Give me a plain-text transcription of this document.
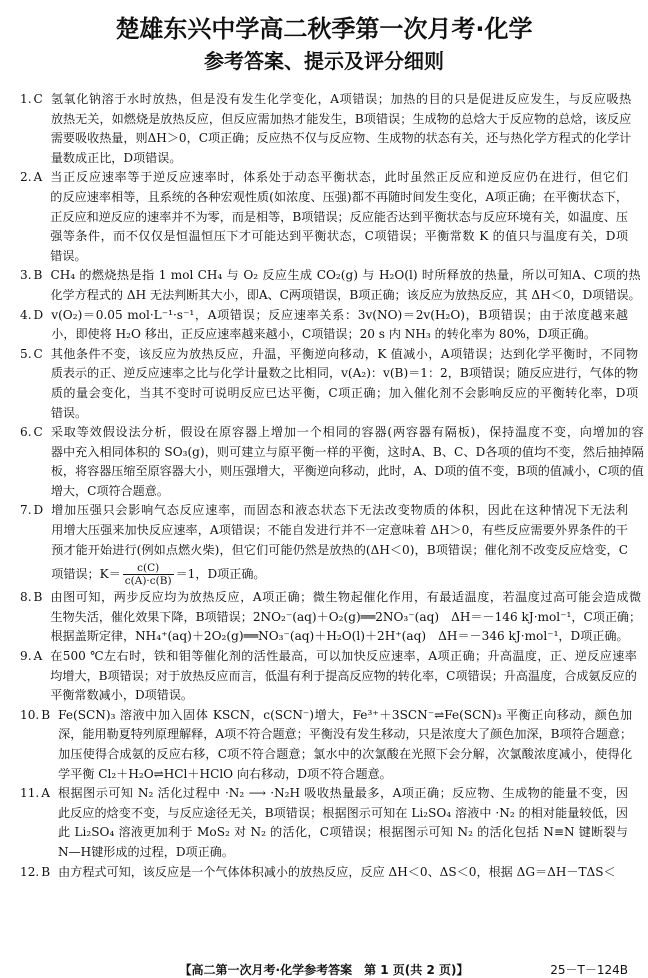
楚雄东兴中学高二秋季第一次月考·化学
参考答案、提示及评分细则
1. C 氢氧化钠溶于水时放热，但是没有发生化学变化，A项错误；加热的目的只是促进反应发生，与反应吸热
放热无关，如燃烧是放热反应，但反应需加热才能发生，B项错误；生成物的总焓大于反应物的总焓，该反应
需要吸收热量，则ΔH＞0，C项正确；反应热不仅与反应物、生成物的状态有关，还与热化学方程式的化学计
量数成正比，D项错误。
2. A 当正反应速率等于逆反应速率时，体系处于动态平衡状态，此时虽然正反应和逆反应仍在进行，但它们
的反应速率相等，且系统的各种宏观性质(如浓度、压强)都不再随时间发生变化，A项正确；在平衡状态下，
正反应和逆反应的速率并不为零，而是相等，B项错误；反应能否达到平衡状态与反应环境有关，如温度、压
强等条件，而不仅仅是恒温恒压下才可能达到平衡状态，C项错误；平衡常数 K 的值只与温度有关，D项
错误。
3. B CH₄ 的燃烧热是指 1 mol CH₄ 与 O₂ 反应生成 CO₂(g) 与 H₂O(l) 时所释放的热量，所以可知A、C项的热
化学方程式的 ΔH 无法判断其大小，即A、C两项错误，B项正确；该反应为放热反应，其 ΔH＜0，D项错误。
4. D v(O₂)＝0.05 mol·L⁻¹·s⁻¹，A项错误；反应速率关系：3v(NO)＝2v(H₂O)，B项错误；由于浓度越来越
小，即使将 H₂O 移出，正反应速率越来越小，C项错误；20 s 内 NH₃ 的转化率为 80%，D项正确。
5. C 其他条件不变，该反应为放热反应，升温，平衡逆向移动，K 值减小，A项错误；达到化学平衡时，不同物
质表示的正、逆反应速率之比与化学计量数之比相同，v(A₂)：v(B)＝1：2，B项错误；随反应进行，气体的物
质的量会变化，当其不变时可说明反应已达平衡，C项正确；加入催化剂不会影响反应的平衡转化率，D项
错误。
6. C 采取等效假设法分析，假设在原容器上增加一个相同的容器(两容器有隔板)，保持温度不变，向增加的容
器中充入相同体积的 SO₃(g)，则可建立与原平衡一样的平衡，这时A、B、C、D各项的值均不变，然后抽掉隔
板，将容器压缩至原容器大小，则压强增大，平衡逆向移动，此时，A、D项的值不变，B项的值减小，C项的值
增大，C项符合题意。
7. D 增加压强只会影响气态反应速率，而固态和液态状态下无法改变物质的体积，因此在这种情况下无法利
用增大压强来加快反应速率，A项错误；不能自发进行并不一定意味着 ΔH＞0，有些反应需要外界条件的干
预才能开始进行(例如点燃火柴)，但它们可能仍然是放热的(ΔH＜0)，B项错误；催化剂不改变反应焓变，C
项错误；$K= \frac{c(C)}{c(A)\cdot c(B)} =1$，D项正确。
8. B 由图可知，两步反应均为放热反应，A项正确；微生物起催化作用，有最适温度，若温度过高可能会造成微
生物失活，催化效果下降，B项错误；2NO₂⁻(aq)＋O₂(g)══2NO₃⁻(aq)　ΔH＝－146 kJ·mol⁻¹，C项正确；
根据盖斯定律，NH₄⁺(aq)＋2O₂(g)══NO₃⁻(aq)＋H₂O(l)＋2H⁺(aq)　ΔH＝－346 kJ·mol⁻¹，D项正确。
9. A 在500 ℃左右时，铁和钼等催化剂的活性最高，可以加快反应速率，A项正确；升高温度，正、逆反应速率
均增大，B项错误；对于放热反应而言，低温有利于提高反应物的转化率，C项错误；升高温度，合成氨反应的
平衡常数减小，D项错误。
10. B Fe(SCN)₃ 溶液中加入固体 KSCN，c(SCN⁻)增大，Fe³⁺＋3SCN⁻⇌Fe(SCN)₃ 平衡正向移动，颜色加
深，能用勒夏特列原理解释，A项不符合题意；平衡没有发生移动，只是浓度大了颜色加深，B项符合题意；
加压使得合成氨的反应右移，C项不符合题意；氯水中的次氯酸在光照下会分解，次氯酸浓度减小，使得化
学平衡 Cl₂＋H₂O⇌HCl＋HClO 向右移动，D项不符合题意。
11. A 根据图示可知 N₂ 活化过程中 ·N₂ ⟶ ·N₂H 吸收热量最多，A项正确；反应物、生成物的能量不变，因
此反应的焓变不变，与反应途径无关，B项错误；根据图示可知在 Li₂SO₄ 溶液中 ·N₂ 的相对能量较低，因
此 Li₂SO₄ 溶液更加利于 MoS₂ 对 N₂ 的活化，C项错误；根据图示可知 N₂ 的活化包括 N≡N 键断裂与
N—H键形成的过程，D项正确。
12. B 由方程式可知，该反应是一个气体体积减小的放热反应，反应 ΔH＜0、ΔS＜0，根据 ΔG＝ΔH－TΔS＜
【高二第一次月考·化学参考答案　第 1 页(共 2 页)】	25－T－124B
